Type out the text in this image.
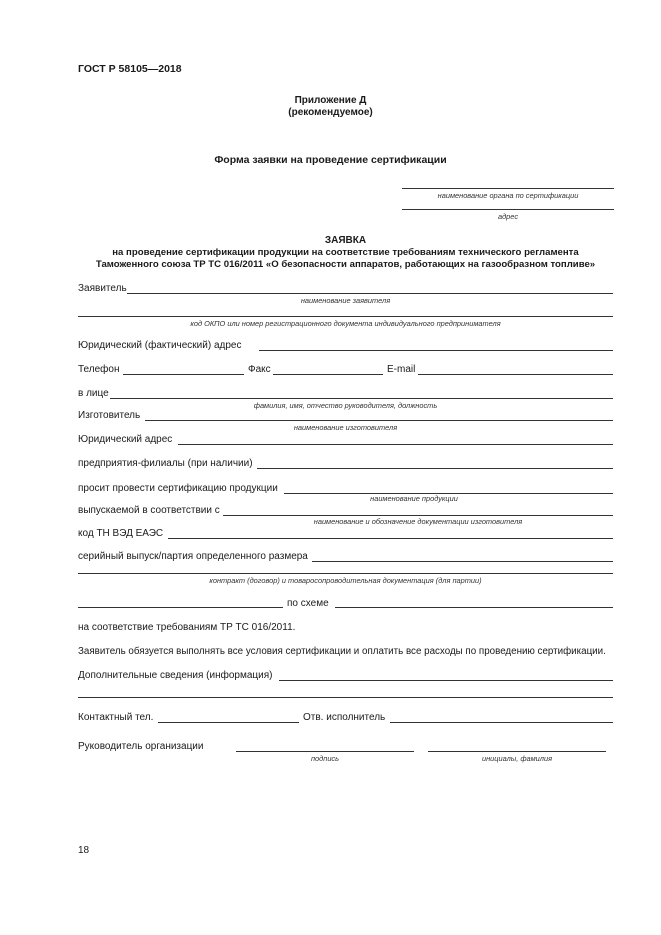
ГОСТ Р 58105—2018
Приложение Д
(рекомендуемое)
Форма заявки на проведение сертификации
наименование органа по сертификации
адрес
ЗАЯВКА
на проведение сертификации продукции на соответствие требованиям технического регламента
Таможенного союза ТР ТС 016/2011 «О безопасности аппаратов, работающих на газообразном топливе»
Заявитель
наименование заявителя
код ОКПО или номер регистрационного документа индивидуального предпринимателя
Юридический (фактический) адрес
Телефон	Факс	E-mail
в лице
фамилия, имя, отчество руководителя, должность
Изготовитель
наименование изготовителя
Юридический адрес
предприятия-филиалы (при наличии)
просит провести сертификацию продукции
наименование продукции
выпускаемой в соответствии с
наименование и обозначение документации изготовителя
код ТН ВЭД ЕАЭС
серийный выпуск/партия определенного размера
контракт (договор) и товаросопроводительная документация (для партии)
по схеме
на соответствие требованиям ТР ТС 016/2011.
Заявитель обязуется выполнять все условия сертификации и оплатить все расходы по проведению сертификации.
Дополнительные сведения (информация)
Контактный тел.	Отв. исполнитель
Руководитель организации
подпись	инициалы, фамилия
18
